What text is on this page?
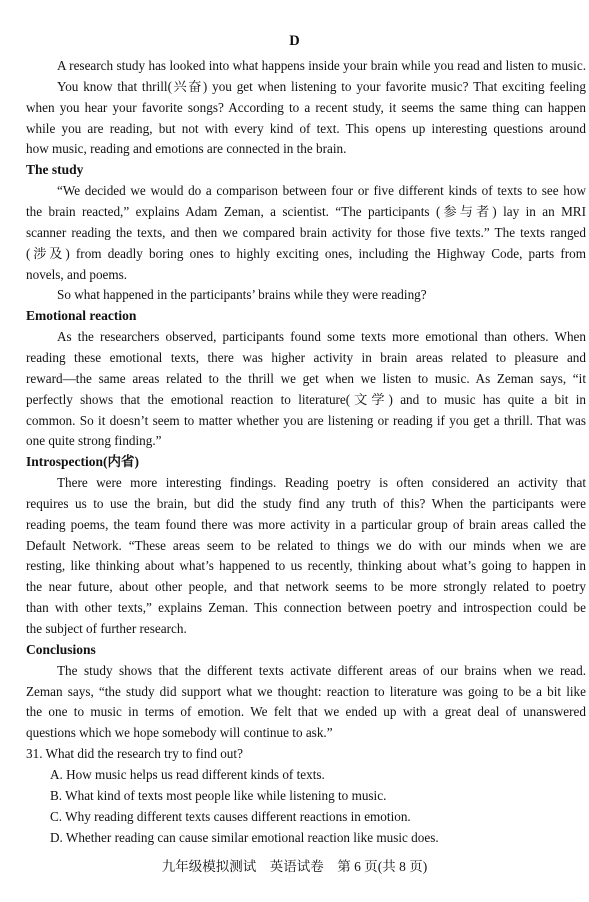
D
A research study has looked into what happens inside your brain while you read and listen to music.
You know that thrill(兴奋) you get when listening to your favorite music? That exciting feeling
when you hear your favorite songs? According to a recent study, it seems the same thing can happen
while you are reading, but not with every kind of text. This opens up interesting questions around
how music, reading and emotions are connected in the brain.
The study
“We decided we would do a comparison between four or five different kinds of texts to see how
the brain reacted,” explains Adam Zeman, a scientist. “The participants (参与者) lay in an MRI
scanner reading the texts, and then we compared brain activity for those five texts.” The texts ranged
(涉及) from deadly boring ones to highly exciting ones, including the Highway Code, parts from
novels, and poems.
So what happened in the participants’ brains while they were reading?
Emotional reaction
As the researchers observed, participants found some texts more emotional than others. When
reading these emotional texts, there was higher activity in brain areas related to pleasure and
reward—the same areas related to the thrill we get when we listen to music. As Zeman says, “it
perfectly shows that the emotional reaction to literature(文学) and to music has quite a bit in
common. So it doesn’t seem to matter whether you are listening or reading if you get a thrill. That was
one quite strong finding.”
Introspection(内省)
There were more interesting findings. Reading poetry is often considered an activity that
requires us to use the brain, but did the study find any truth of this? When the participants were
reading poems, the team found there was more activity in a particular group of brain areas called the
Default Network. “These areas seem to be related to things we do with our minds when we are
resting, like thinking about what’s happened to us recently, thinking about what’s going to happen in
the near future, about other people, and that network seems to be more strongly related to poetry
than with other texts,” explains Zeman. This connection between poetry and introspection could be
the subject of further research.
Conclusions
The study shows that the different texts activate different areas of our brains when we read.
Zeman says, “the study did support what we thought: reaction to literature was going to be a bit like
the one to music in terms of emotion. We felt that we ended up with a great deal of unanswered
questions which we hope somebody will continue to ask.”
31. What did the research try to find out?
A. How music helps us read different kinds of texts.
B. What kind of texts most people like while listening to music.
C. Why reading different texts causes different reactions in emotion.
D. Whether reading can cause similar emotional reaction like music does.
九年级模拟测试　英语试卷　第 6 页(共 8 页)
